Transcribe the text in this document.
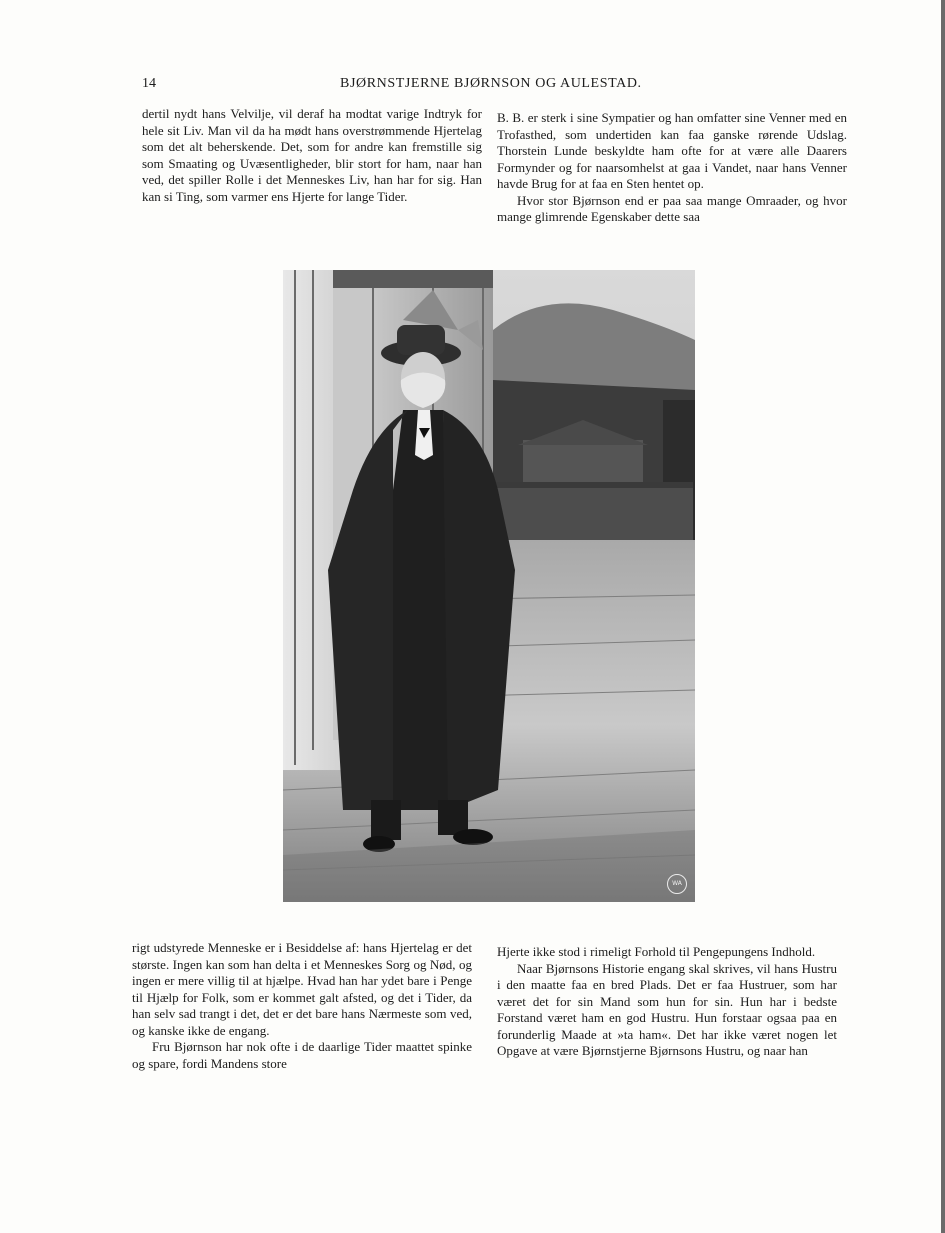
14	BJØRNSTJERNE BJØRNSON OG AULESTAD.

dertil nydt hans Velvilje, vil deraf ha modtat varige Indtryk for hele sit Liv. Man vil da ha mødt hans overstrømmende Hjertelag som det alt beherskende. Det, som for andre kan fremstille sig som Smaating og Uvæsentligheder, blir stort for ham, naar han ved, det spiller Rolle i det Menneskes Liv, han har for sig. Han kan si Ting, som varmer ens Hjerte for lange Tider.

B. B. er sterk i sine Sympatier og han omfatter sine Venner med en Trofasthed, som undertiden kan faa ganske rørende Udslag. Thorstein Lunde beskyldte ham ofte for at være alle Daarers Formynder og for naarsomhelst at gaa i Vandet, naar hans Venner havde Brug for at faa en Sten hentet op.

Hvor stor Bjørnson end er paa saa mange Omraader, og hvor mange glimrende Egenskaber dette saa

WA

rigt udstyrede Menneske er i Besiddelse af: hans Hjertelag er det største. Ingen kan som han delta i et Menneskes Sorg og Nød, og ingen er mere villig til at hjælpe. Hvad han har ydet bare i Penge til Hjælp for Folk, som er kommet galt afsted, og det i Tider, da han selv sad trangt i det, det er det bare hans Nærmeste som ved, og kanske ikke de engang.

Fru Bjørnson har nok ofte i de daarlige Tider maattet spinke og spare, fordi Mandens store

Hjerte ikke stod i rimeligt Forhold til Pengepungens Indhold.

Naar Bjørnsons Historie engang skal skrives, vil hans Hustru i den maatte faa en bred Plads. Det er faa Hustruer, som har været det for sin Mand som hun for sin. Hun har i bedste Forstand været ham en god Hustru. Hun forstaar ogsaa paa en forunderlig Maade at »ta ham«. Det har ikke været nogen let Opgave at være Bjørnstjerne Bjørnsons Hustru, og naar han
